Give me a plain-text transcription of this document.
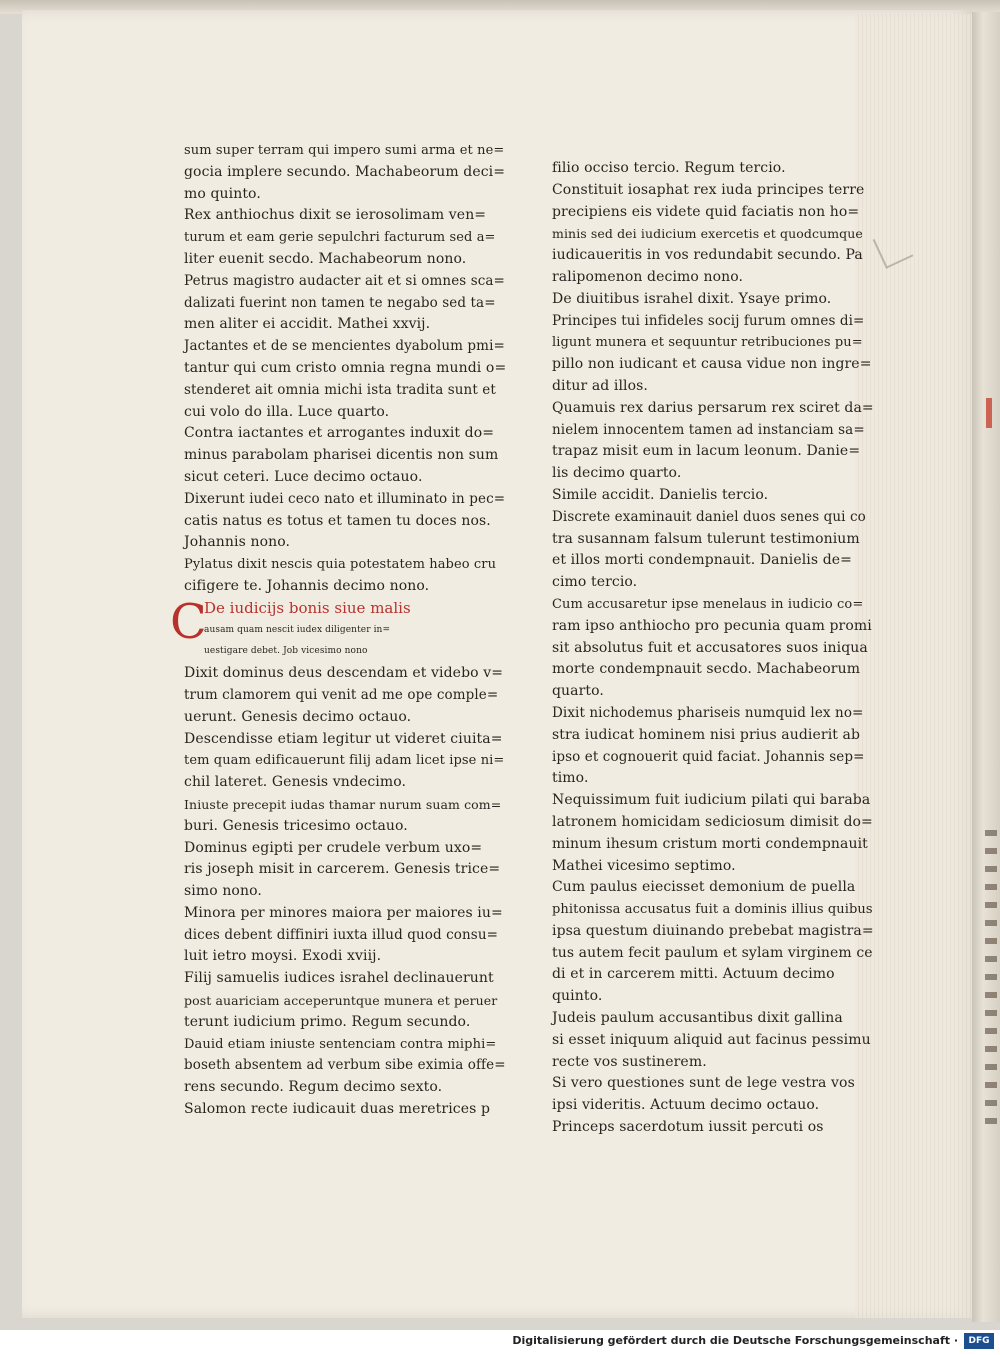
sum super terram qui impero sumi arma et ne=
gocia implere secundo. Machabeorum deci=
mo quinto.
Rex anthiochus dixit se ierosolimam ven=
turum et eam gerie sepulchri facturum sed a=
liter euenit secdo. Machabeorum nono.
Petrus magistro audacter ait et si omnes sca=
dalizati fuerint non tamen te negabo sed ta=
men aliter ei accidit. Mathei xxvij.
Jactantes et de se mencientes dyabolum pmi=
tantur qui cum cristo omnia regna mundi o=
stenderet ait omnia michi ista tradita sunt et
cui volo do illa. Luce quarto.
Contra iactantes et arrogantes induxit do=
minus parabolam pharisei dicentis non sum
sicut ceteri. Luce decimo octauo.
Dixerunt iudei ceco nato et illuminato in pec=
catis natus es totus et tamen tu doces nos.
Johannis nono.
Pylatus dixit nescis quia potestatem habeo cru
cifigere te. Johannis decimo nono.
C
De iudicijs bonis siue malis
ausam quam nescit iudex diligenter in=
uestigare debet. Job vicesimo nono
Dixit dominus deus descendam et videbo v=
trum clamorem qui venit ad me ope comple=
uerunt. Genesis decimo octauo.
Descendisse etiam legitur ut videret ciuita=
tem quam edificauerunt filij adam licet ipse ni=
chil lateret. Genesis vndecimo.
Iniuste precepit iudas thamar nurum suam com=
buri. Genesis tricesimo octauo.
Dominus egipti per crudele verbum uxo=
ris joseph misit in carcerem. Genesis trice=
simo nono.
Minora per minores maiora per maiores iu=
dices debent diffiniri iuxta illud quod consu=
luit ietro moysi. Exodi xviij.
Filij samuelis iudices israhel declinauerunt
post auariciam acceperuntque munera et peruer
terunt iudicium primo. Regum secundo.
Dauid etiam iniuste sentenciam contra miphi=
boseth absentem ad verbum sibe eximia offe=
rens secundo. Regum decimo sexto.
Salomon recte iudicauit duas meretrices p
filio occiso tercio. Regum tercio.
Constituit iosaphat rex iuda principes terre
precipiens eis videte quid faciatis non ho=
minis sed dei iudicium exercetis et quodcumque
iudicaueritis in vos redundabit secundo. Pa
ralipomenon decimo nono.
De diuitibus israhel dixit. Ysaye primo.
Principes tui infideles socij furum omnes di=
ligunt munera et sequuntur retribuciones pu=
pillo non iudicant et causa vidue non ingre=
ditur ad illos.
Quamuis rex darius persarum rex sciret da=
nielem innocentem tamen ad instanciam sa=
trapaz misit eum in lacum leonum. Danie=
lis decimo quarto.
Simile accidit. Danielis tercio.
Discrete examinauit daniel duos senes qui co
tra susannam falsum tulerunt testimonium
et illos morti condempnauit. Danielis de=
cimo tercio.
Cum accusaretur ipse menelaus in iudicio co=
ram ipso anthiocho pro pecunia quam promi
sit absolutus fuit et accusatores suos iniqua
morte condempnauit secdo. Machabeorum
quarto.
Dixit nichodemus phariseis numquid lex no=
stra iudicat hominem nisi prius audierit ab
ipso et cognouerit quid faciat. Johannis sep=
timo.
Nequissimum fuit iudicium pilati qui baraba
latronem homicidam sediciosum dimisit do=
minum ihesum cristum morti condempnauit
Mathei vicesimo septimo.
Cum paulus eiecisset demonium de puella
phitonissa accusatus fuit a dominis illius quibus
ipsa questum diuinando prebebat magistra=
tus autem fecit paulum et sylam virginem ce
di et in carcerem mitti. Actuum decimo
quinto.
Judeis paulum accusantibus dixit gallina
si esset iniquum aliquid aut facinus pessimu
recte vos sustinerem.
Si vero questiones sunt de lege vestra vos
ipsi videritis. Actuum decimo octauo.
Princeps sacerdotum iussit percuti os
Digitalisierung gefördert durch die Deutsche Forschungsgemeinschaft ·	DFG
